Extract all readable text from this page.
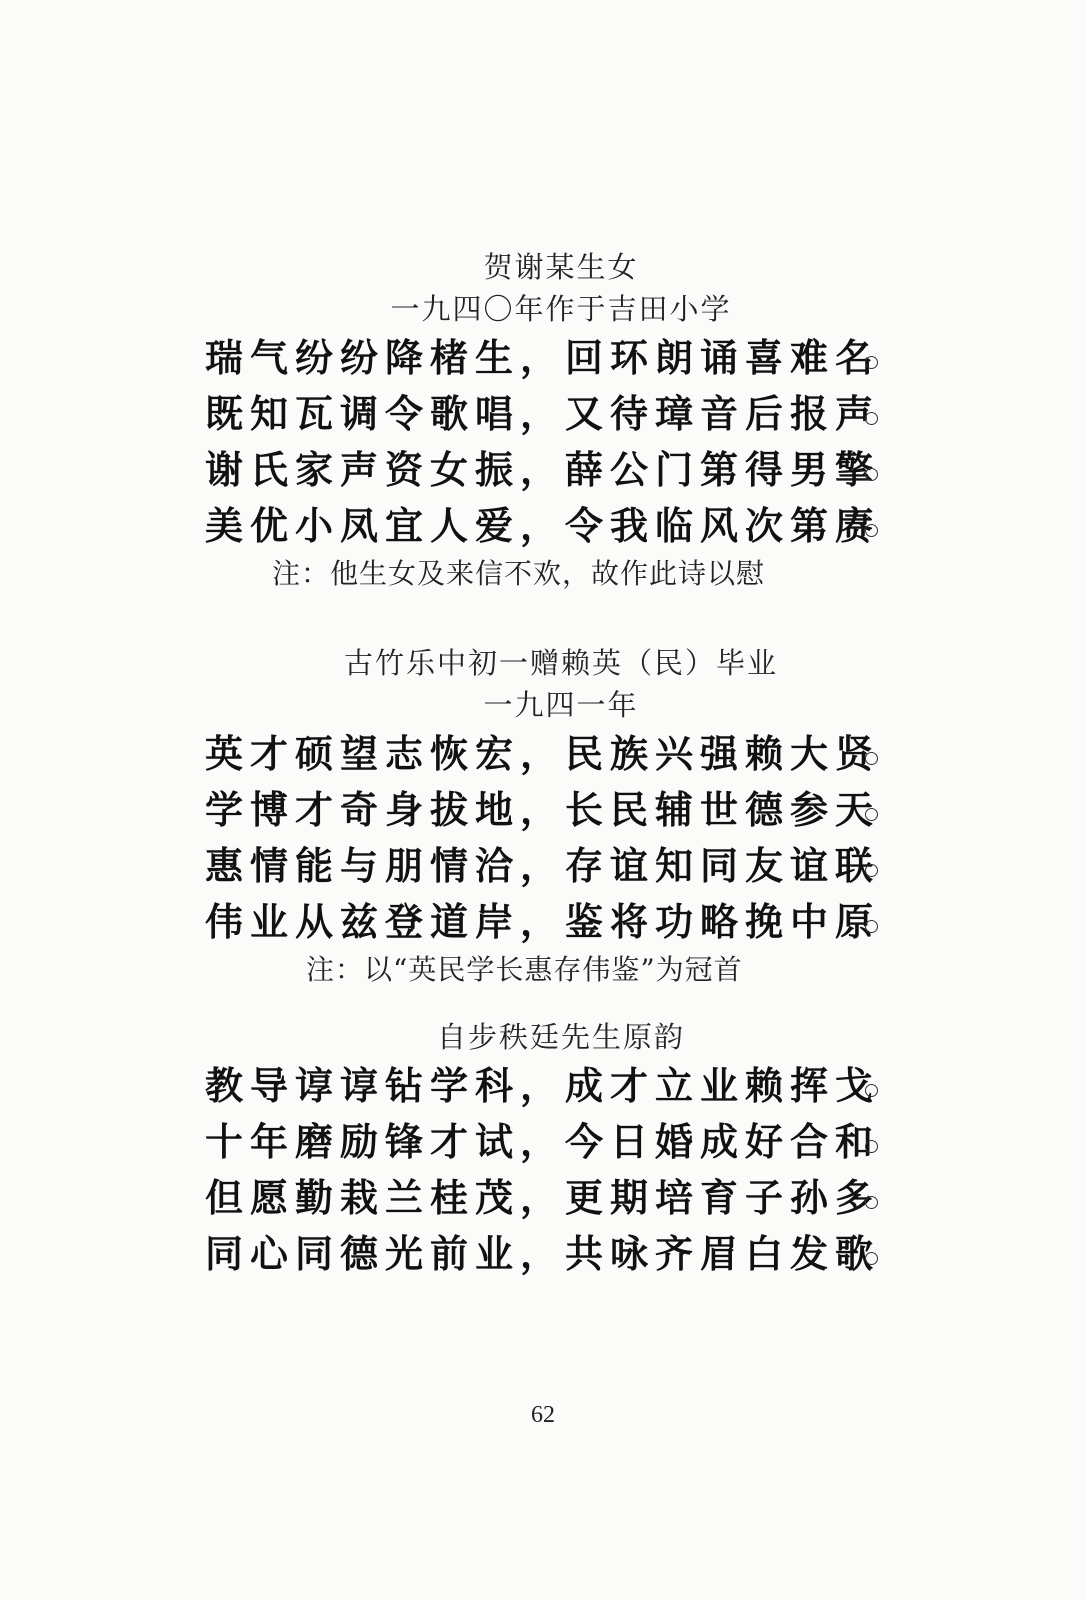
贺谢某生女
一九四〇年作于吉田小学
瑞气纷纷降楮生，回环朗诵喜难名
既知瓦调令歌唱，又待璋音后报声
谢氏家声资女振，薛公门第得男擎
美优小凤宜人爱，令我临风次第赓
注：他生女及来信不欢，故作此诗以慰
古竹乐中初一赠赖英（民）毕业
一九四一年
英才硕望志恢宏，民族兴强赖大贤
学博才奇身拔地，长民辅世德参天
惠情能与朋情洽，存谊知同友谊联
伟业从兹登道岸，鉴将功略挽中原
注：以“英民学长惠存伟鉴”为冠首
自步秩廷先生原韵
教导谆谆钻学科，成才立业赖挥戈
十年磨励锋才试，今日婚成好合和
但愿勤栽兰桂茂，更期培育子孙多
同心同德光前业，共咏齐眉白发歌
62
